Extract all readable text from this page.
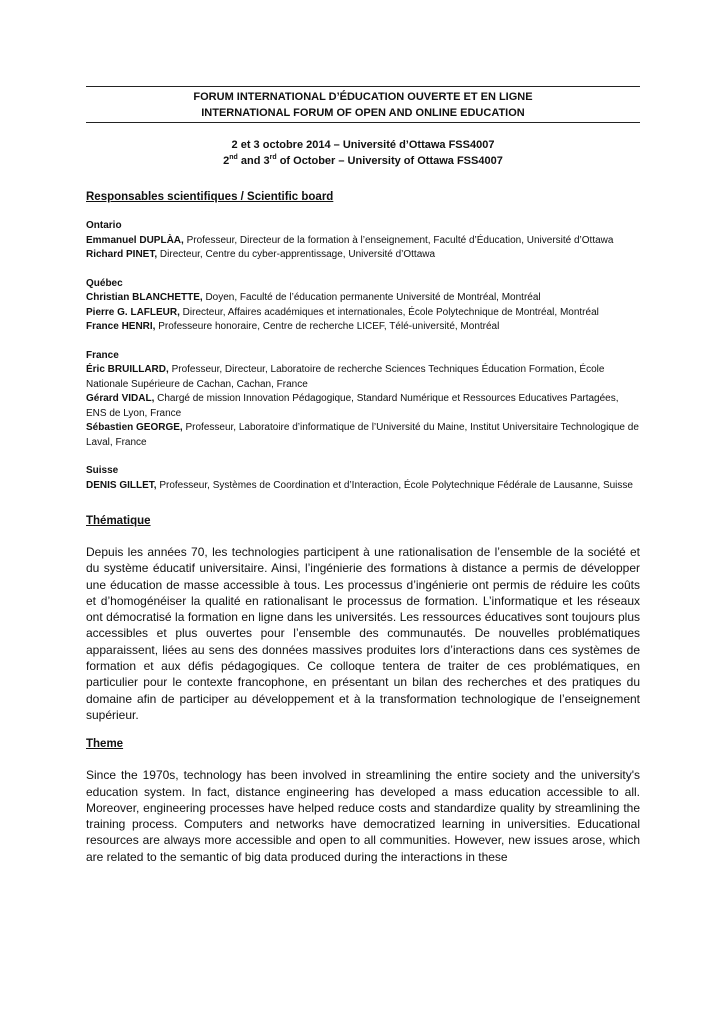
FORUM INTERNATIONAL D’ÉDUCATION OUVERTE ET EN LIGNE
INTERNATIONAL FORUM OF OPEN AND ONLINE EDUCATION
2 et 3 octobre 2014 – Université d’Ottawa FSS4007
2nd and 3rd of October – University of Ottawa FSS4007
Responsables scientifiques / Scientific board
Ontario
Emmanuel DUPLÀA, Professeur, Directeur de la formation à l’enseignement, Faculté d’Éducation, Université d’Ottawa
Richard PINET, Directeur, Centre du cyber-apprentissage, Université d’Ottawa
Québec
Christian BLANCHETTE, Doyen, Faculté de l’éducation permanente Université de Montréal, Montréal
Pierre G. LAFLEUR, Directeur, Affaires académiques et internationales, École Polytechnique de Montréal, Montréal
France HENRI, Professeure honoraire, Centre de recherche LICEF, Télé-université, Montréal
France
Éric BRUILLARD, Professeur, Directeur, Laboratoire de recherche Sciences Techniques Éducation Formation, École Nationale Supérieure de Cachan, Cachan, France
Gérard VIDAL, Chargé de mission Innovation Pédagogique, Standard Numérique et Ressources Educatives Partagées, ENS de Lyon, France
Sébastien GEORGE, Professeur, Laboratoire d’informatique de l’Université du Maine, Institut Universitaire Technologique de Laval, France
Suisse
DENIS GILLET, Professeur, Systèmes de Coordination et d’Interaction, École Polytechnique Fédérale de Lausanne, Suisse
Thématique
Depuis les années 70, les technologies participent à une rationalisation de l’ensemble de la société et du système éducatif universitaire. Ainsi, l’ingénierie des formations à distance a permis de développer une éducation de masse accessible à tous. Les processus d’ingénierie ont permis de réduire les coûts et d’homogénéiser la qualité en rationalisant le processus de formation. L’informatique et les réseaux ont démocratisé la formation en ligne dans les universités. Les ressources éducatives sont toujours plus accessibles et plus ouvertes pour l’ensemble des communautés. De nouvelles problématiques apparaissent, liées au sens des données massives produites lors d’interactions dans ces systèmes de formation et aux défis pédagogiques. Ce colloque tentera de traiter de ces problématiques, en particulier pour le contexte francophone, en présentant un bilan des recherches et des pratiques du domaine afin de participer au développement et à la transformation technologique de l’enseignement supérieur.
Theme
Since the 1970s, technology has been involved in streamlining the entire society and the university's education system. In fact, distance engineering has developed a mass education accessible to all. Moreover, engineering processes have helped reduce costs and standardize quality by streamlining the training process. Computers and networks have democratized learning in universities. Educational resources are always more accessible and open to all communities. However, new issues arose, which are related to the semantic of big data produced during the interactions in these
